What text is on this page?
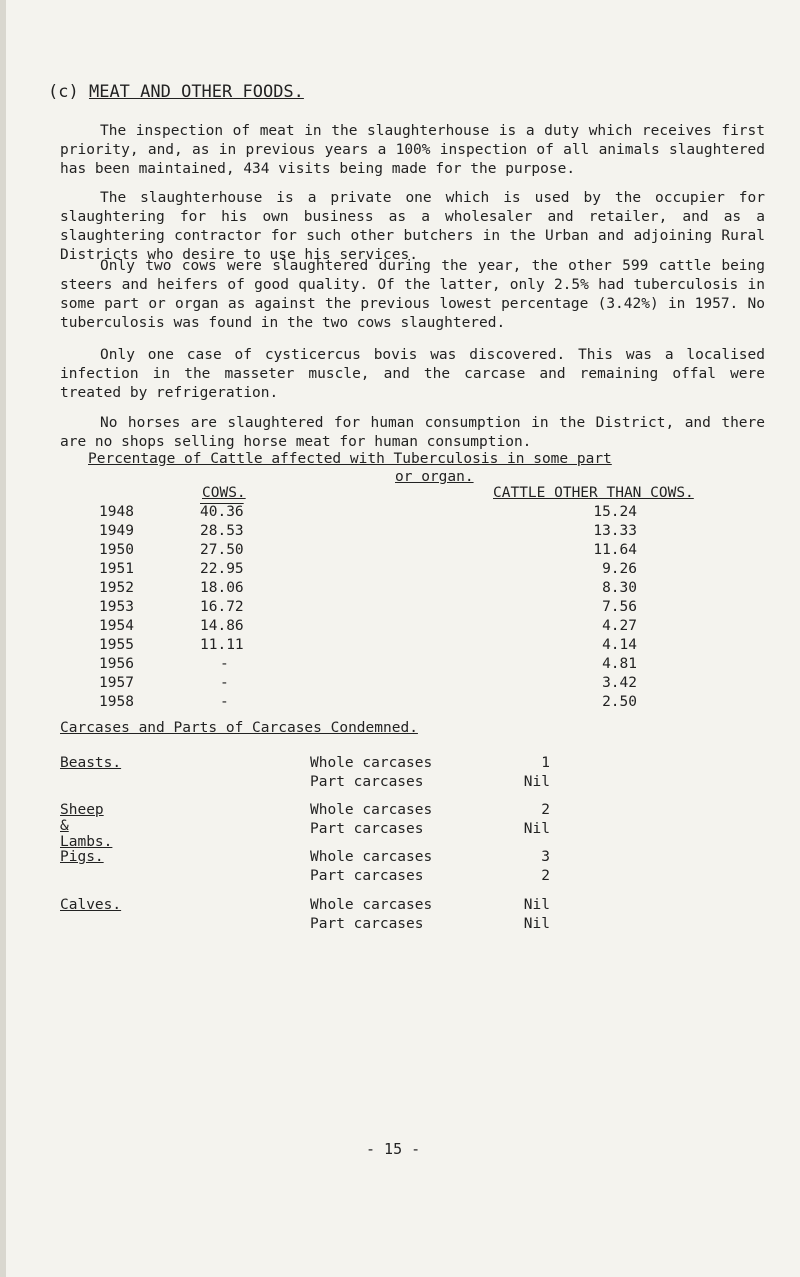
(c) MEAT AND OTHER FOODS.
The inspection of meat in the slaughterhouse is a duty which receives first priority, and, as in previous years a 100% inspection of all animals slaughtered has been maintained, 434 visits being made for the purpose.
The slaughterhouse is a private one which is used by the occupier for slaughtering for his own business as a wholesaler and retailer, and as a slaughtering contractor for such other butchers in the Urban and adjoining Rural Districts who desire to use his services.
Only two cows were slaughtered during the year, the other 599 cattle being steers and heifers of good quality. Of the latter, only 2.5% had tuberculosis in some part or organ as against the previous lowest percentage (3.42%) in 1957. No tuberculosis was found in the two cows slaughtered.
Only one case of cysticercus bovis was discovered. This was a localised infection in the masseter muscle, and the carcase and remaining offal were treated by refrigeration.
No horses are slaughtered for human consumption in the District, and there are no shops selling horse meat for human consumption.
Percentage of Cattle affected with Tuberculosis in some part
or organ.
COWS.	CATTLE OTHER THAN COWS.
1948	40.36	15.24
1949	28.53	13.33
1950	27.50	11.64
1951	22.95	9.26
1952	18.06	8.30
1953	16.72	7.56
1954	14.86	4.27
1955	11.11	4.14
1956	-	4.81
1957	-	3.42
1958	-	2.50
Carcases and Parts of Carcases Condemned.
Beasts.	Whole carcases	1
Part carcases	Nil
Sheep & Lambs.
Whole carcases	2
Part carcases	Nil
Pigs.	Whole carcases	3
Part carcases	2
Calves.	Whole carcases	Nil
Part carcases	Nil
- 15 -
